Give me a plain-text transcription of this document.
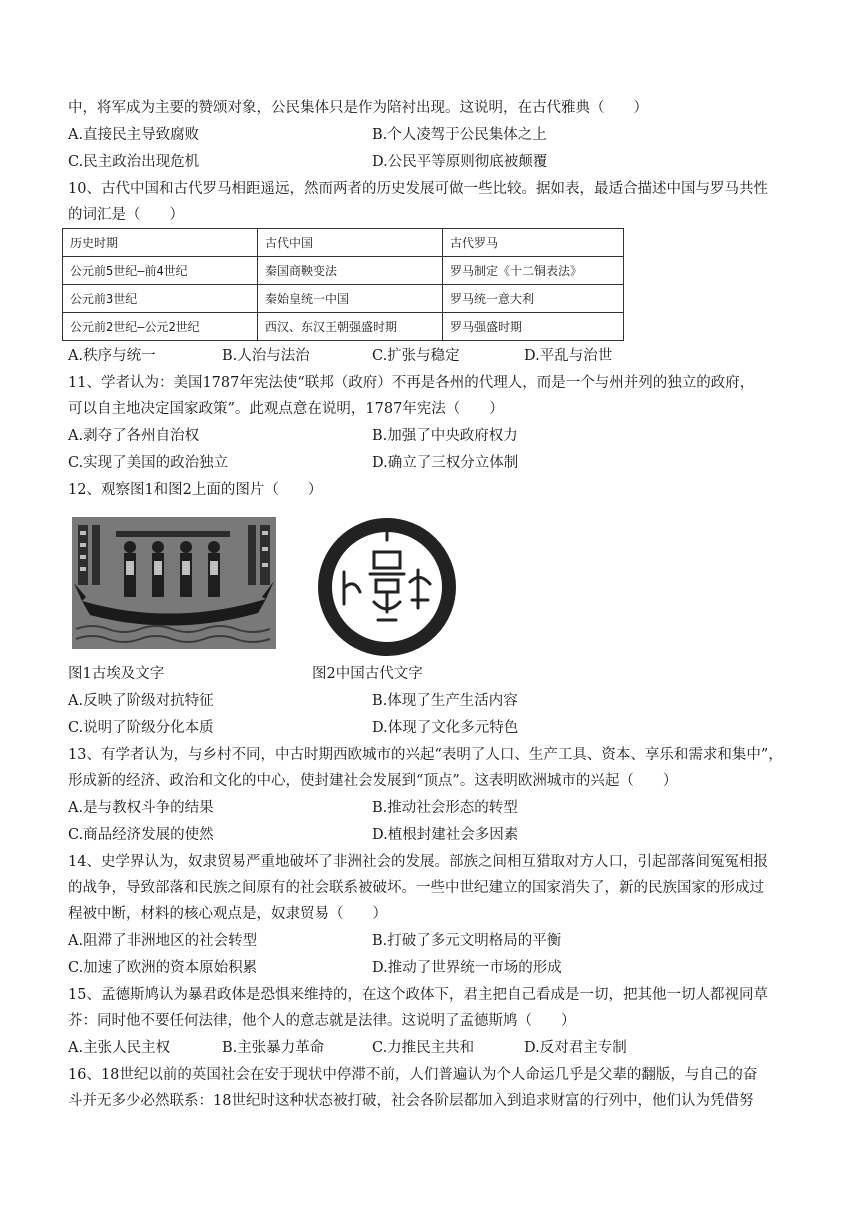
中，将军成为主要的赞颂对象，公民集体只是作为陪衬出现。这说明，在古代雅典（　　）
A.直接民主导致腐败	B.个人凌驾于公民集体之上
C.民主政治出现危机	D.公民平等原则彻底被颠覆
10、古代中国和古代罗马相距遥远，然而两者的历史发展可做一些比较。据如表，最适合描述中国与罗马共性
的词汇是（　　）
历史时期	古代中国	古代罗马
公元前5世纪—前4世纪	秦国商鞅变法	罗马制定《十二铜表法》
公元前3世纪	秦始皇统一中国	罗马统一意大利
公元前2世纪—公元2世纪	西汉、东汉王朝强盛时期	罗马强盛时期
A.秩序与统一	B.人治与法治	C.扩张与稳定	D.平乱与治世
11、学者认为：美国1787年宪法使“联邦（政府）不再是各州的代理人，而是一个与州并列的独立的政府，
可以自主地决定国家政策”。此观点意在说明，1787年宪法（　　）
A.剥夺了各州自治权	B.加强了中央政府权力
C.实现了美国的政治独立	D.确立了三权分立体制
12、观察图1和图2上面的图片（　　）
图1古埃及文字	图2中国古代文字
A.反映了阶级对抗特征	B.体现了生产生活内容
C.说明了阶级分化本质	D.体现了文化多元特色
13、有学者认为，与乡村不同，中古时期西欧城市的兴起“表明了人口、生产工具、资本、享乐和需求和集中”，
形成新的经济、政治和文化的中心，使封建社会发展到“顶点”。这表明欧洲城市的兴起（　　）
A.是与教权斗争的结果	B.推动社会形态的转型
C.商品经济发展的使然	D.植根封建社会多因素
14、史学界认为，奴隶贸易严重地破坏了非洲社会的发展。部族之间相互猎取对方人口，引起部落间冤冤相报
的战争，导致部落和民族之间原有的社会联系被破坏。一些中世纪建立的国家消失了，新的民族国家的形成过
程被中断，材料的核心观点是，奴隶贸易（　　）
A.阻滞了非洲地区的社会转型	B.打破了多元文明格局的平衡
C.加速了欧洲的资本原始积累	D.推动了世界统一市场的形成
15、孟德斯鸠认为暴君政体是恐惧来维持的，在这个政体下，君主把自己看成是一切，把其他一切人都视同草
芥：同时他不要任何法律，他个人的意志就是法律。这说明了孟德斯鸠（　　）
A.主张人民主权	B.主张暴力革命	C.力推民主共和	D.反对君主专制
16、18世纪以前的英国社会在安于现状中停滞不前，人们普遍认为个人命运几乎是父辈的翻版，与自己的奋
斗并无多少必然联系：18世纪时这种状态被打破，社会各阶层都加入到追求财富的行列中，他们认为凭借努
